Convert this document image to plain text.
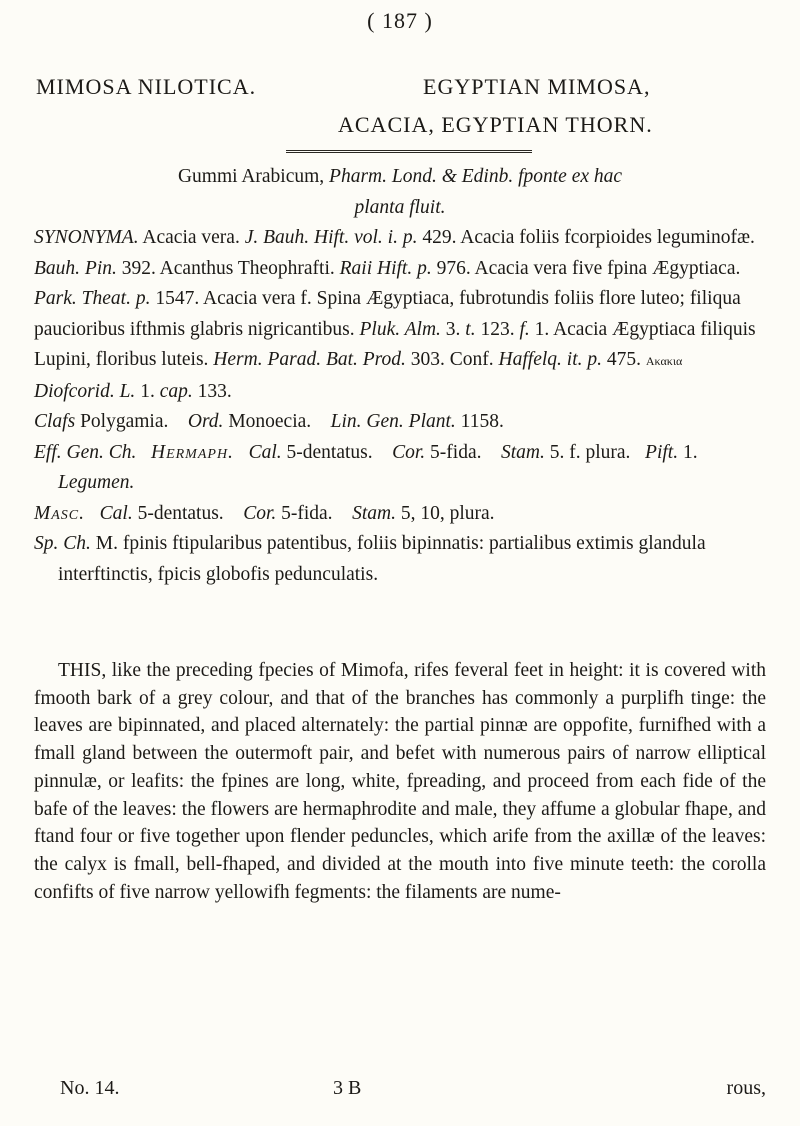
( 187 )
MIMOSA NILOTICA.	EGYPTIAN MIMOSA,
ACACIA, EGYPTIAN THORN.

Gummi Arabicum, Pharm. Lond. & Edinb. fponte ex hac

planta fluit.

SYNONYMA. Acacia vera. J. Bauh. Hift. vol. i. p. 429. Acacia foliis fcorpioides leguminofæ. Bauh. Pin. 392. Acanthus Theophrafti. Raii Hift. p. 976. Acacia vera five fpina Ægyptiaca. Park. Theat. p. 1547. Acacia vera f. Spina Ægyptiaca, fubrotundis foliis flore luteo; filiqua paucioribus ifthmis glabris nigricantibus. Pluk. Alm. 3. t. 123. f. 1. Acacia Ægyptiaca filiquis Lupini, floribus luteis. Herm. Parad. Bat. Prod. 303. Conf. Haffelq. it. p. 475. Ακακια Diofcorid. L. 1. cap. 133.

Clafs Polygamia. Ord. Monoecia. Lin. Gen. Plant. 1158.

Eff. Gen. Ch. Hermaph. Cal. 5-dentatus. Cor. 5-fida. Stam. 5. f. plura. Pift. 1.   Legumen.

Masc. Cal. 5-dentatus. Cor. 5-fida. Stam. 5, 10, plura.

Sp. Ch. M. fpinis ftipularibus patentibus, foliis bipinnatis: partialibus extimis glandula interftinctis, fpicis globofis pedunculatis.

THIS, like the preceding fpecies of Mimofa, rifes feveral feet in height: it is covered with fmooth bark of a grey colour, and that of the branches has commonly a purplifh tinge: the leaves are bipinnated, and placed alternately: the partial pinnæ are oppofite, furnifhed with a fmall gland between the outermoft pair, and befet with numerous pairs of narrow elliptical pinnulæ, or leafits: the fpines are long, white, fpreading, and proceed from each fide of the bafe of the leaves: the flowers are hermaphrodite and male, they affume a globular fhape, and ftand four or five together upon flender peduncles, which arife from the axillæ of the leaves: the calyx is fmall, bell-fhaped, and divided at the mouth into five minute teeth: the corolla confifts of five narrow yellowifh fegments: the filaments are nume-

No. 14.	3 B	rous,
